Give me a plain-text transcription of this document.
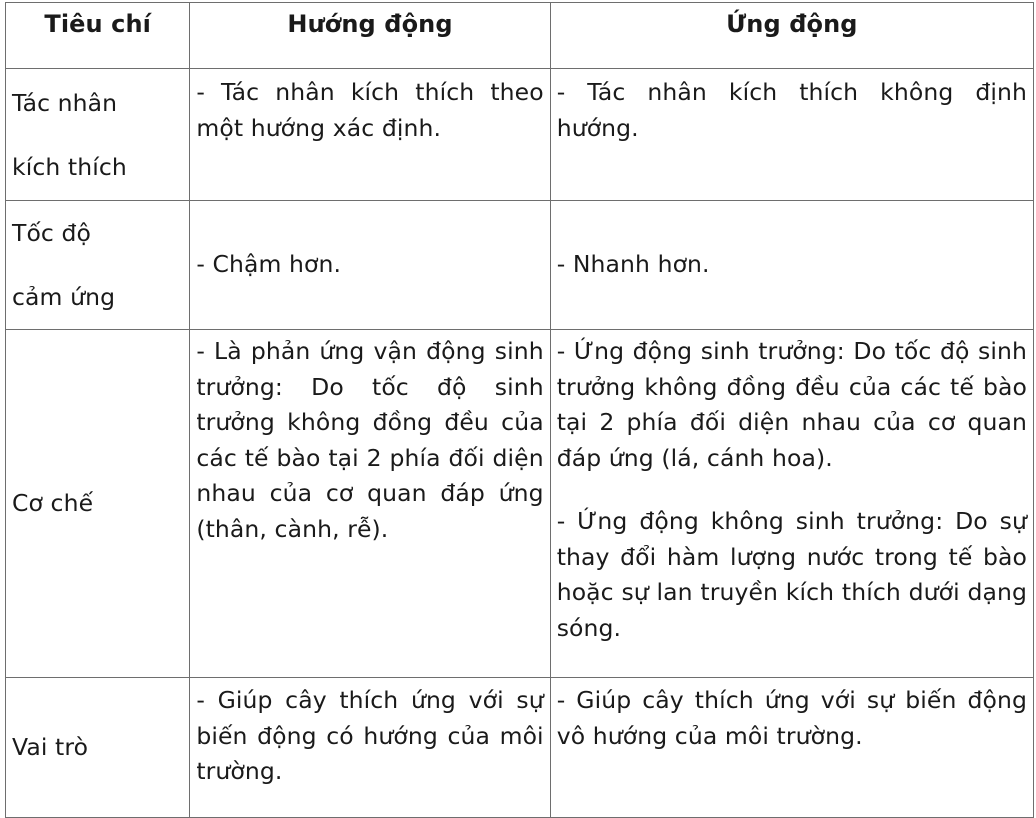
Tiêu chí	Hướng động	Ứng động

Tác nhân
kích thích	- Tác nhân kích thích theo một hướng xác định.	- Tác nhân kích thích không định hướng.

Tốc độ
cảm ứng	- Chậm hơn.	- Nhanh hơn.

Cơ chế	- Là phản ứng vận động sinh trưởng: Do tốc độ sinh trưởng không đồng đều của các tế bào tại 2 phía đối diện nhau của cơ quan đáp ứng (thân, cành, rễ).	- Ứng động sinh trưởng: Do tốc độ sinh trưởng không đồng đều của các tế bào tại 2 phía đối diện nhau của cơ quan đáp ứng (lá, cánh hoa).

- Ứng động không sinh trưởng: Do sự thay đổi hàm lượng nước trong tế bào hoặc sự lan truyền kích thích dưới dạng sóng.

Vai trò	- Giúp cây thích ứng với sự biến động có hướng của môi trường.	- Giúp cây thích ứng với sự biến động vô hướng của môi trường.
